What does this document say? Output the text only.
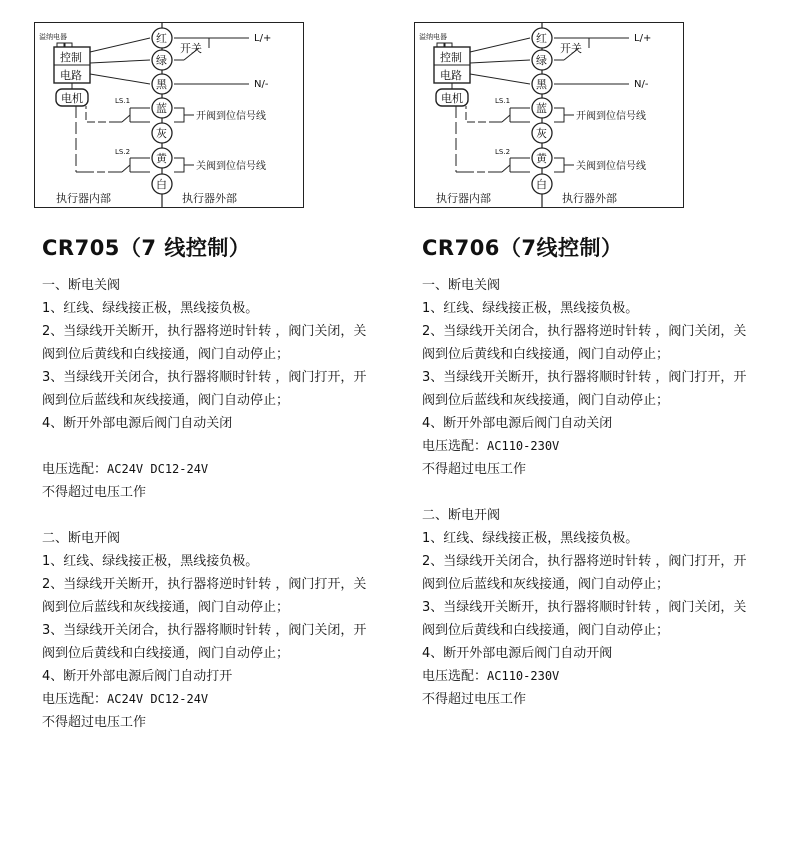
溢纳电器
控制
电路
电机	LS.1
LS.2
开关
L/+
N/-
开阀到位信号线
关阀到位信号线
红
绿
黑
蓝
灰
黄
白
执行器内部	执行器外部
CR705（7 线控制）
一、断电关阀
1、红线、绿线接正极，黑线接负极。
2、当绿线开关断开，执行器将逆时针转 ，阀门关闭，关阀到位后黄线和白线接通，阀门自动停止；
3、当绿线开关闭合，执行器将顺时针转 ，阀门打开，开阀到位后蓝线和灰线接通，阀门自动停止；
4、断开外部电源后阀门自动关闭
电压选配：AC24V DC12-24V
不得超过电压工作
二、断电开阀
1、红线、绿线接正极，黑线接负极。
2、当绿线开关断开，执行器将逆时针转 ，阀门打开，关阀到位后蓝线和灰线接通，阀门自动停止；
3、当绿线开关闭合，执行器将顺时针转 ，阀门关闭，开阀到位后黄线和白线接通，阀门自动停止；
4、断开外部电源后阀门自动打开
电压选配：AC24V DC12-24V
不得超过电压工作
溢纳电器
控制
电路
电机	LS.1
LS.2
开关
L/+
N/-
开阀到位信号线
关阀到位信号线
红
绿
黑
蓝
灰
黄
白
执行器内部	执行器外部
CR706（7线控制）
一、断电关阀
1、红线、绿线接正极，黑线接负极。
2、当绿线开关闭合，执行器将逆时针转 ，阀门关闭，关阀到位后黄线和白线接通，阀门自动停止；
3、当绿线开关断开，执行器将顺时针转 ，阀门打开，开阀到位后蓝线和灰线接通，阀门自动停止；
4、断开外部电源后阀门自动关闭
电压选配：AC110-230V
不得超过电压工作
二、断电开阀
1、红线、绿线接正极，黑线接负极。
2、当绿线开关闭合，执行器将逆时针转 ，阀门打开，开阀到位后蓝线和灰线接通，阀门自动停止；
3、当绿线开关断开，执行器将顺时针转 ，阀门关闭，关阀到位后黄线和白线接通，阀门自动停止；
4、断开外部电源后阀门自动开阀
电压选配：AC110-230V
不得超过电压工作
